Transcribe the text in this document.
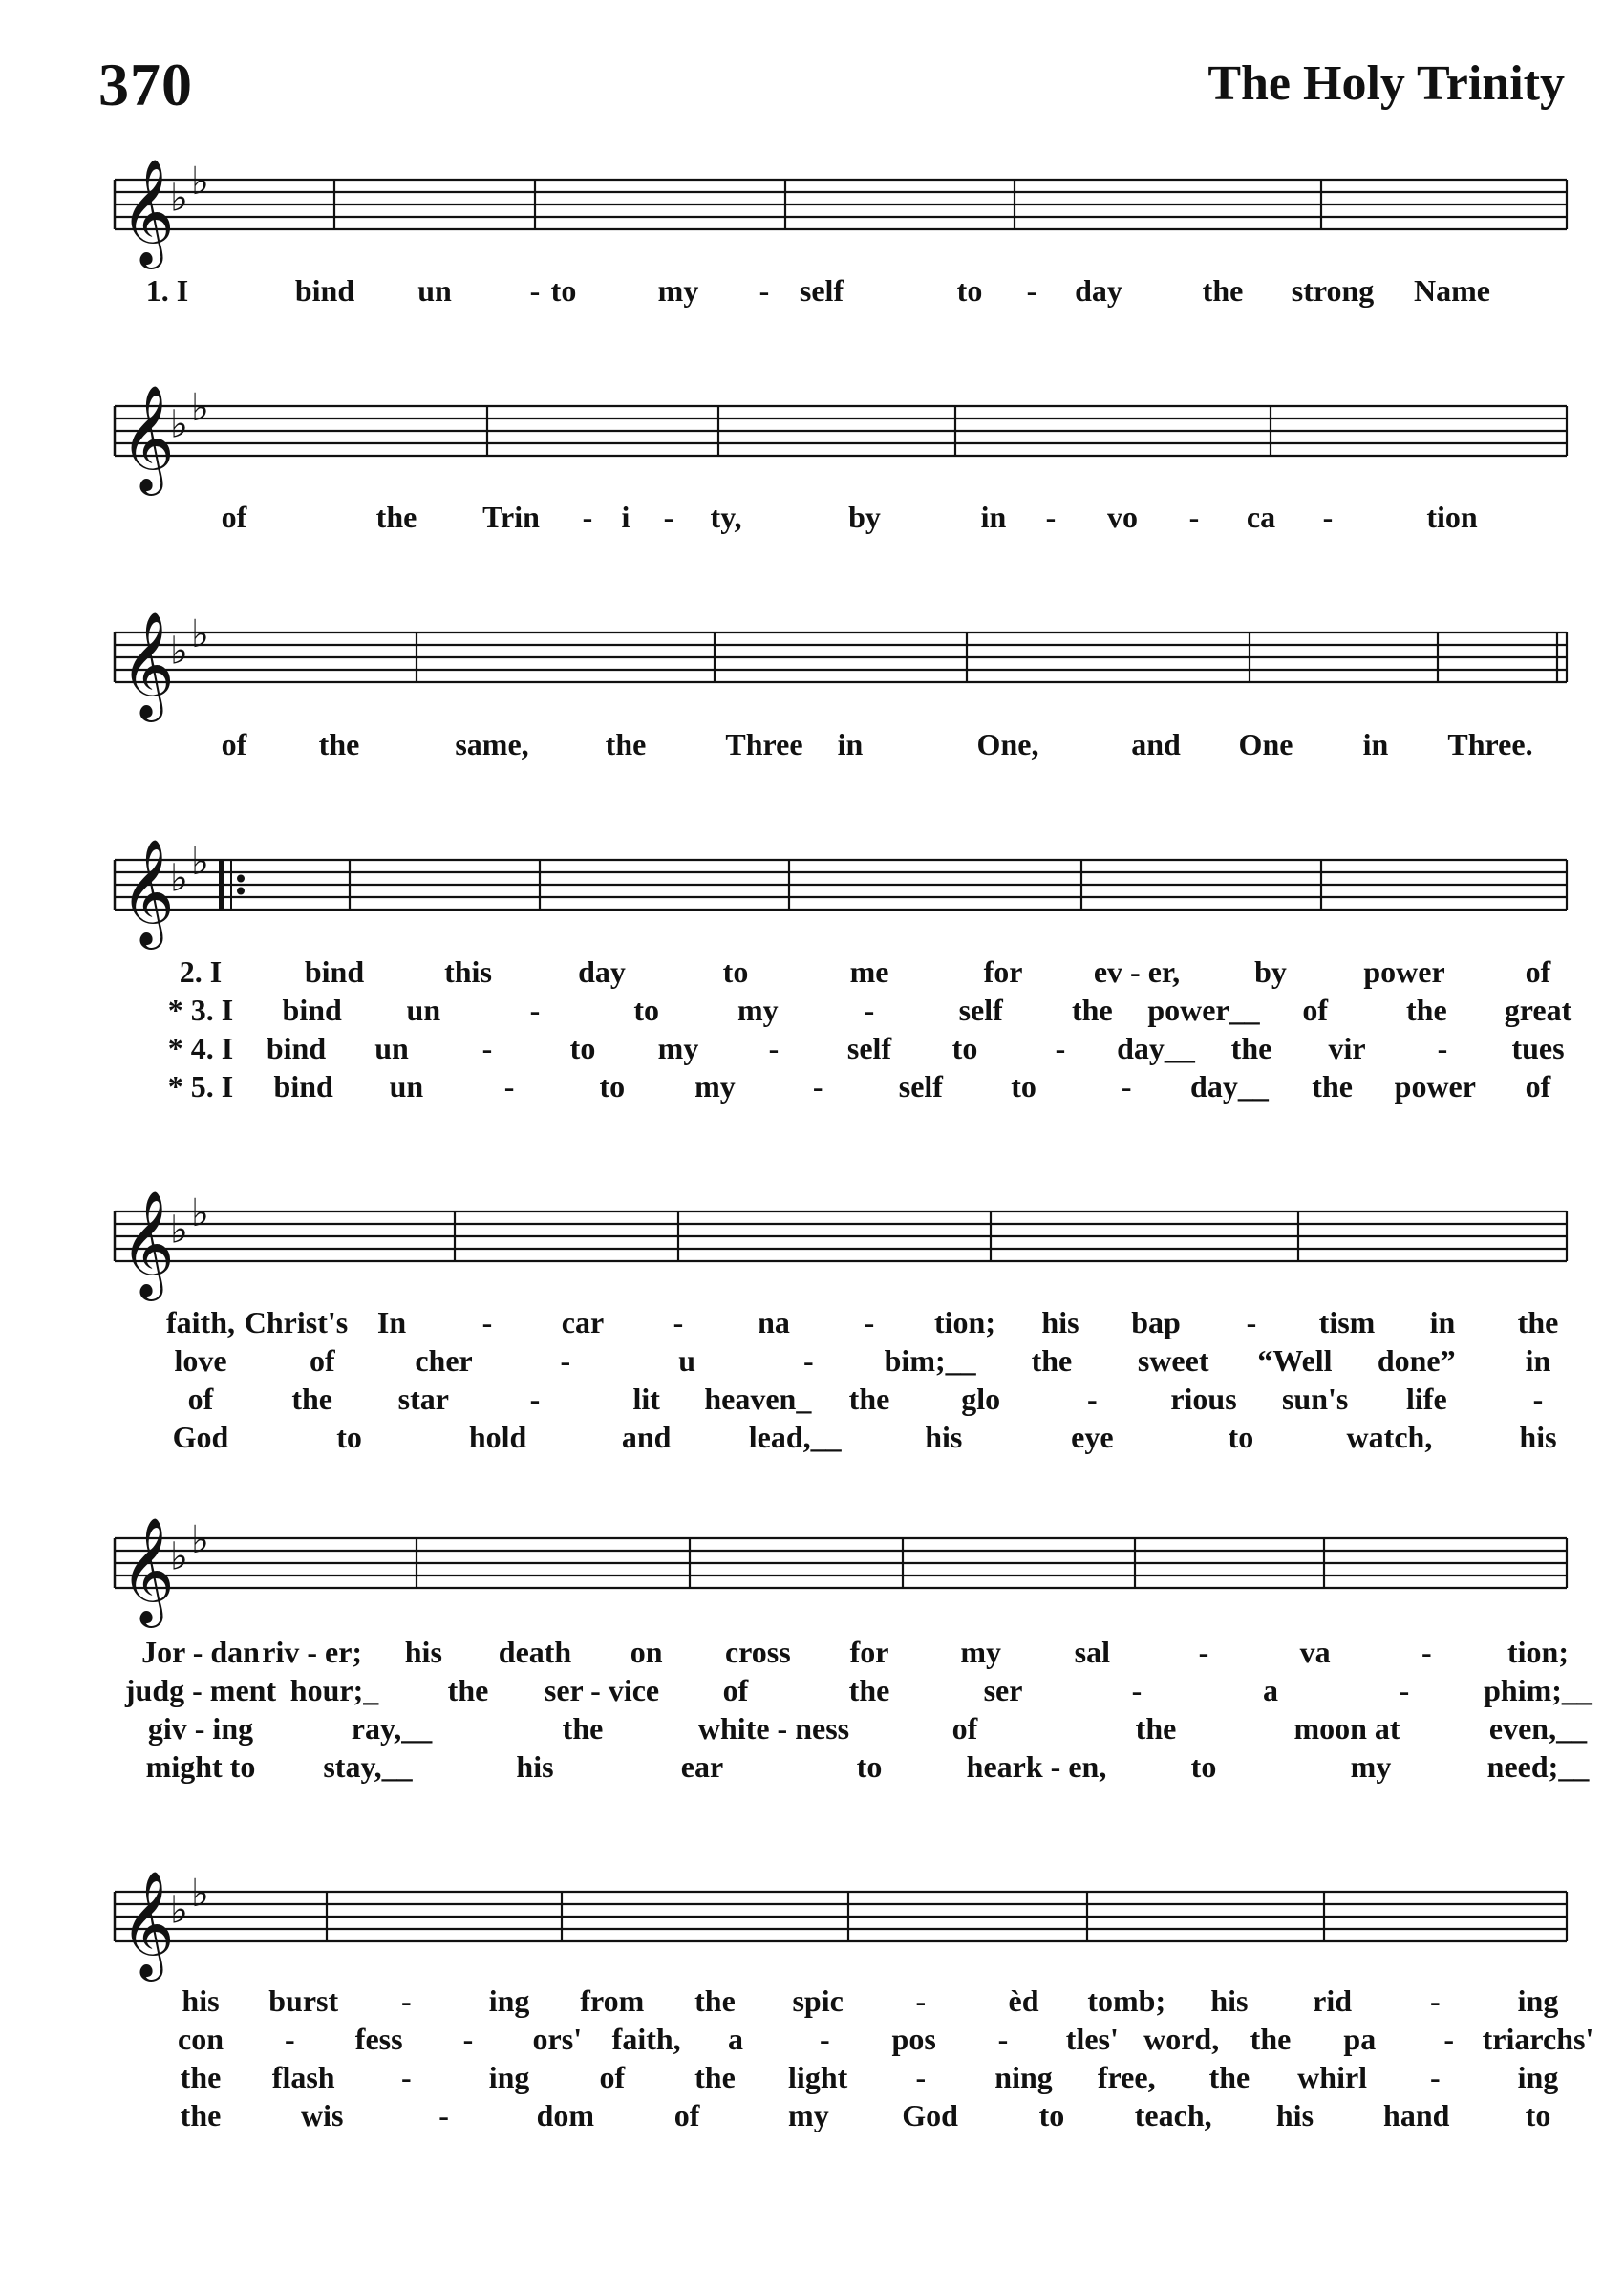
370	The Holy Trinity
𝄞
♭ ♭
1. I	bind un	- to	my - self	to - day	the strong Name
𝄞
♭ ♭
of	the Trin - i - ty,	by	in - vo - ca -	tion
𝄞
♭ ♭
of the	same,	the	Three in	One,	and One in Three.
𝄞
♭ ♭
2. I	bind	this	day	to	me	for ev - er, by	power	of
* 3. I bind un	-	to	my	-	self the power__ of	the great
* 4. I bind un -	to my - self to	- day__ the vir - tues
* 5. I bind un	-	to my	- self to	- day__ the power of
𝄞
♭ ♭
faith, Christ's In - car - na - tion; his bap - tism in the
love	of	cher	-	u	- bim;__ the sweet “Well done” in
of	the star	-	lit heaven_ the glo	- rious sun's life	-
God	to	hold	and	lead,__	his	eye	to	watch,	his
𝄞
♭ ♭
Jor - dan riv - er; his death on cross for my sal	-	va	- tion;
judg - ment hour;_ the ser - vice of	the	ser	-	a	- phim;__
giv - ing	ray,__	the	white - ness	of	the	moon at	even,__
might to stay,__	his	ear	to	heark - en,	to	my	need;__
𝄞
♭ ♭
his burst -	ing from the spic -	èd tomb; his rid	-	ing
con - fess - ors' faith, a	- pos - tles' word, the pa - triarchs'
the flash -	ing of the light - ning free, the whirl -	ing
the	wis	-	dom	of	my God	to teach, his hand to
